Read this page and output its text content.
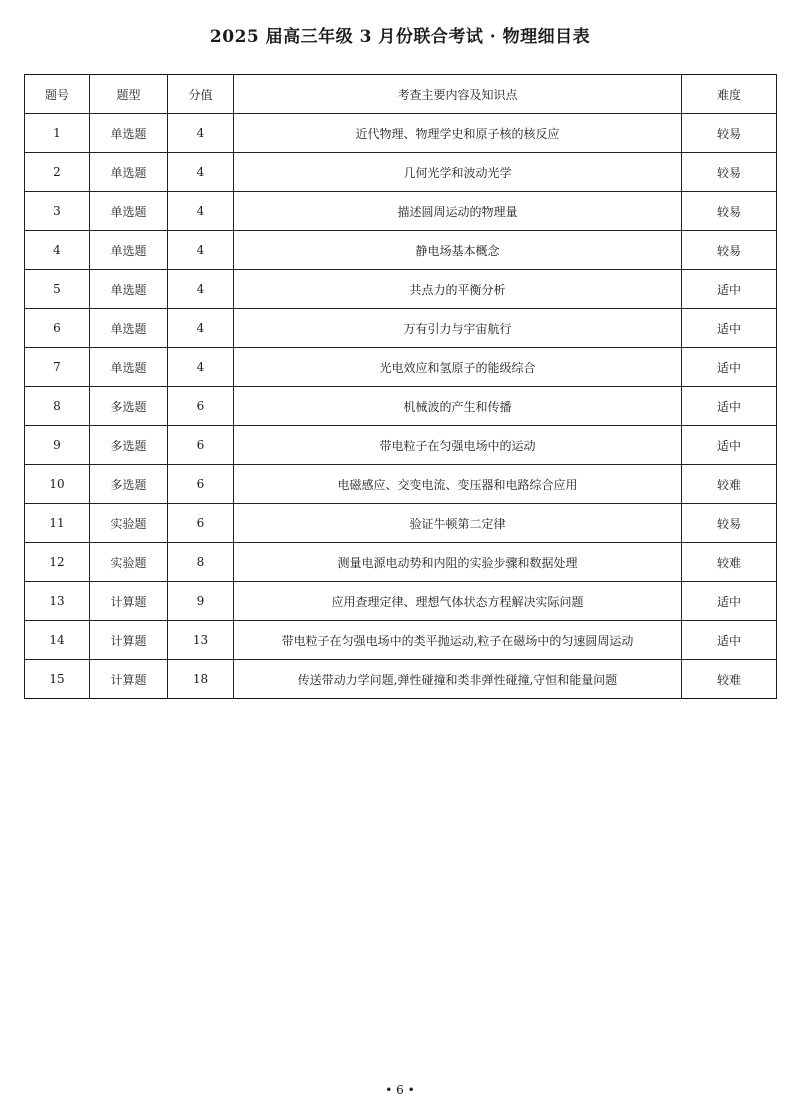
2025 届高三年级 3 月份联合考试 · 物理细目表
题号	题型	分值	考查主要内容及知识点	难度
1	单选题	4	近代物理、物理学史和原子核的核反应	较易
2	单选题	4	几何光学和波动光学	较易
3	单选题	4	描述圆周运动的物理量	较易
4	单选题	4	静电场基本概念	较易
5	单选题	4	共点力的平衡分析	适中
6	单选题	4	万有引力与宇宙航行	适中
7	单选题	4	光电效应和氢原子的能级综合	适中
8	多选题	6	机械波的产生和传播	适中
9	多选题	6	带电粒子在匀强电场中的运动	适中
10	多选题	6	电磁感应、交变电流、变压器和电路综合应用	较难
11	实验题	6	验证牛顿第二定律	较易
12	实验题	8	测量电源电动势和内阻的实验步骤和数据处理	较难
13	计算题	9	应用查理定律、理想气体状态方程解决实际问题	适中
14	计算题	13	带电粒子在匀强电场中的类平抛运动,粒子在磁场中的匀速圆周运动	适中
15	计算题	18	传送带动力学问题,弹性碰撞和类非弹性碰撞,守恒和能量问题	较难
• 6 •
